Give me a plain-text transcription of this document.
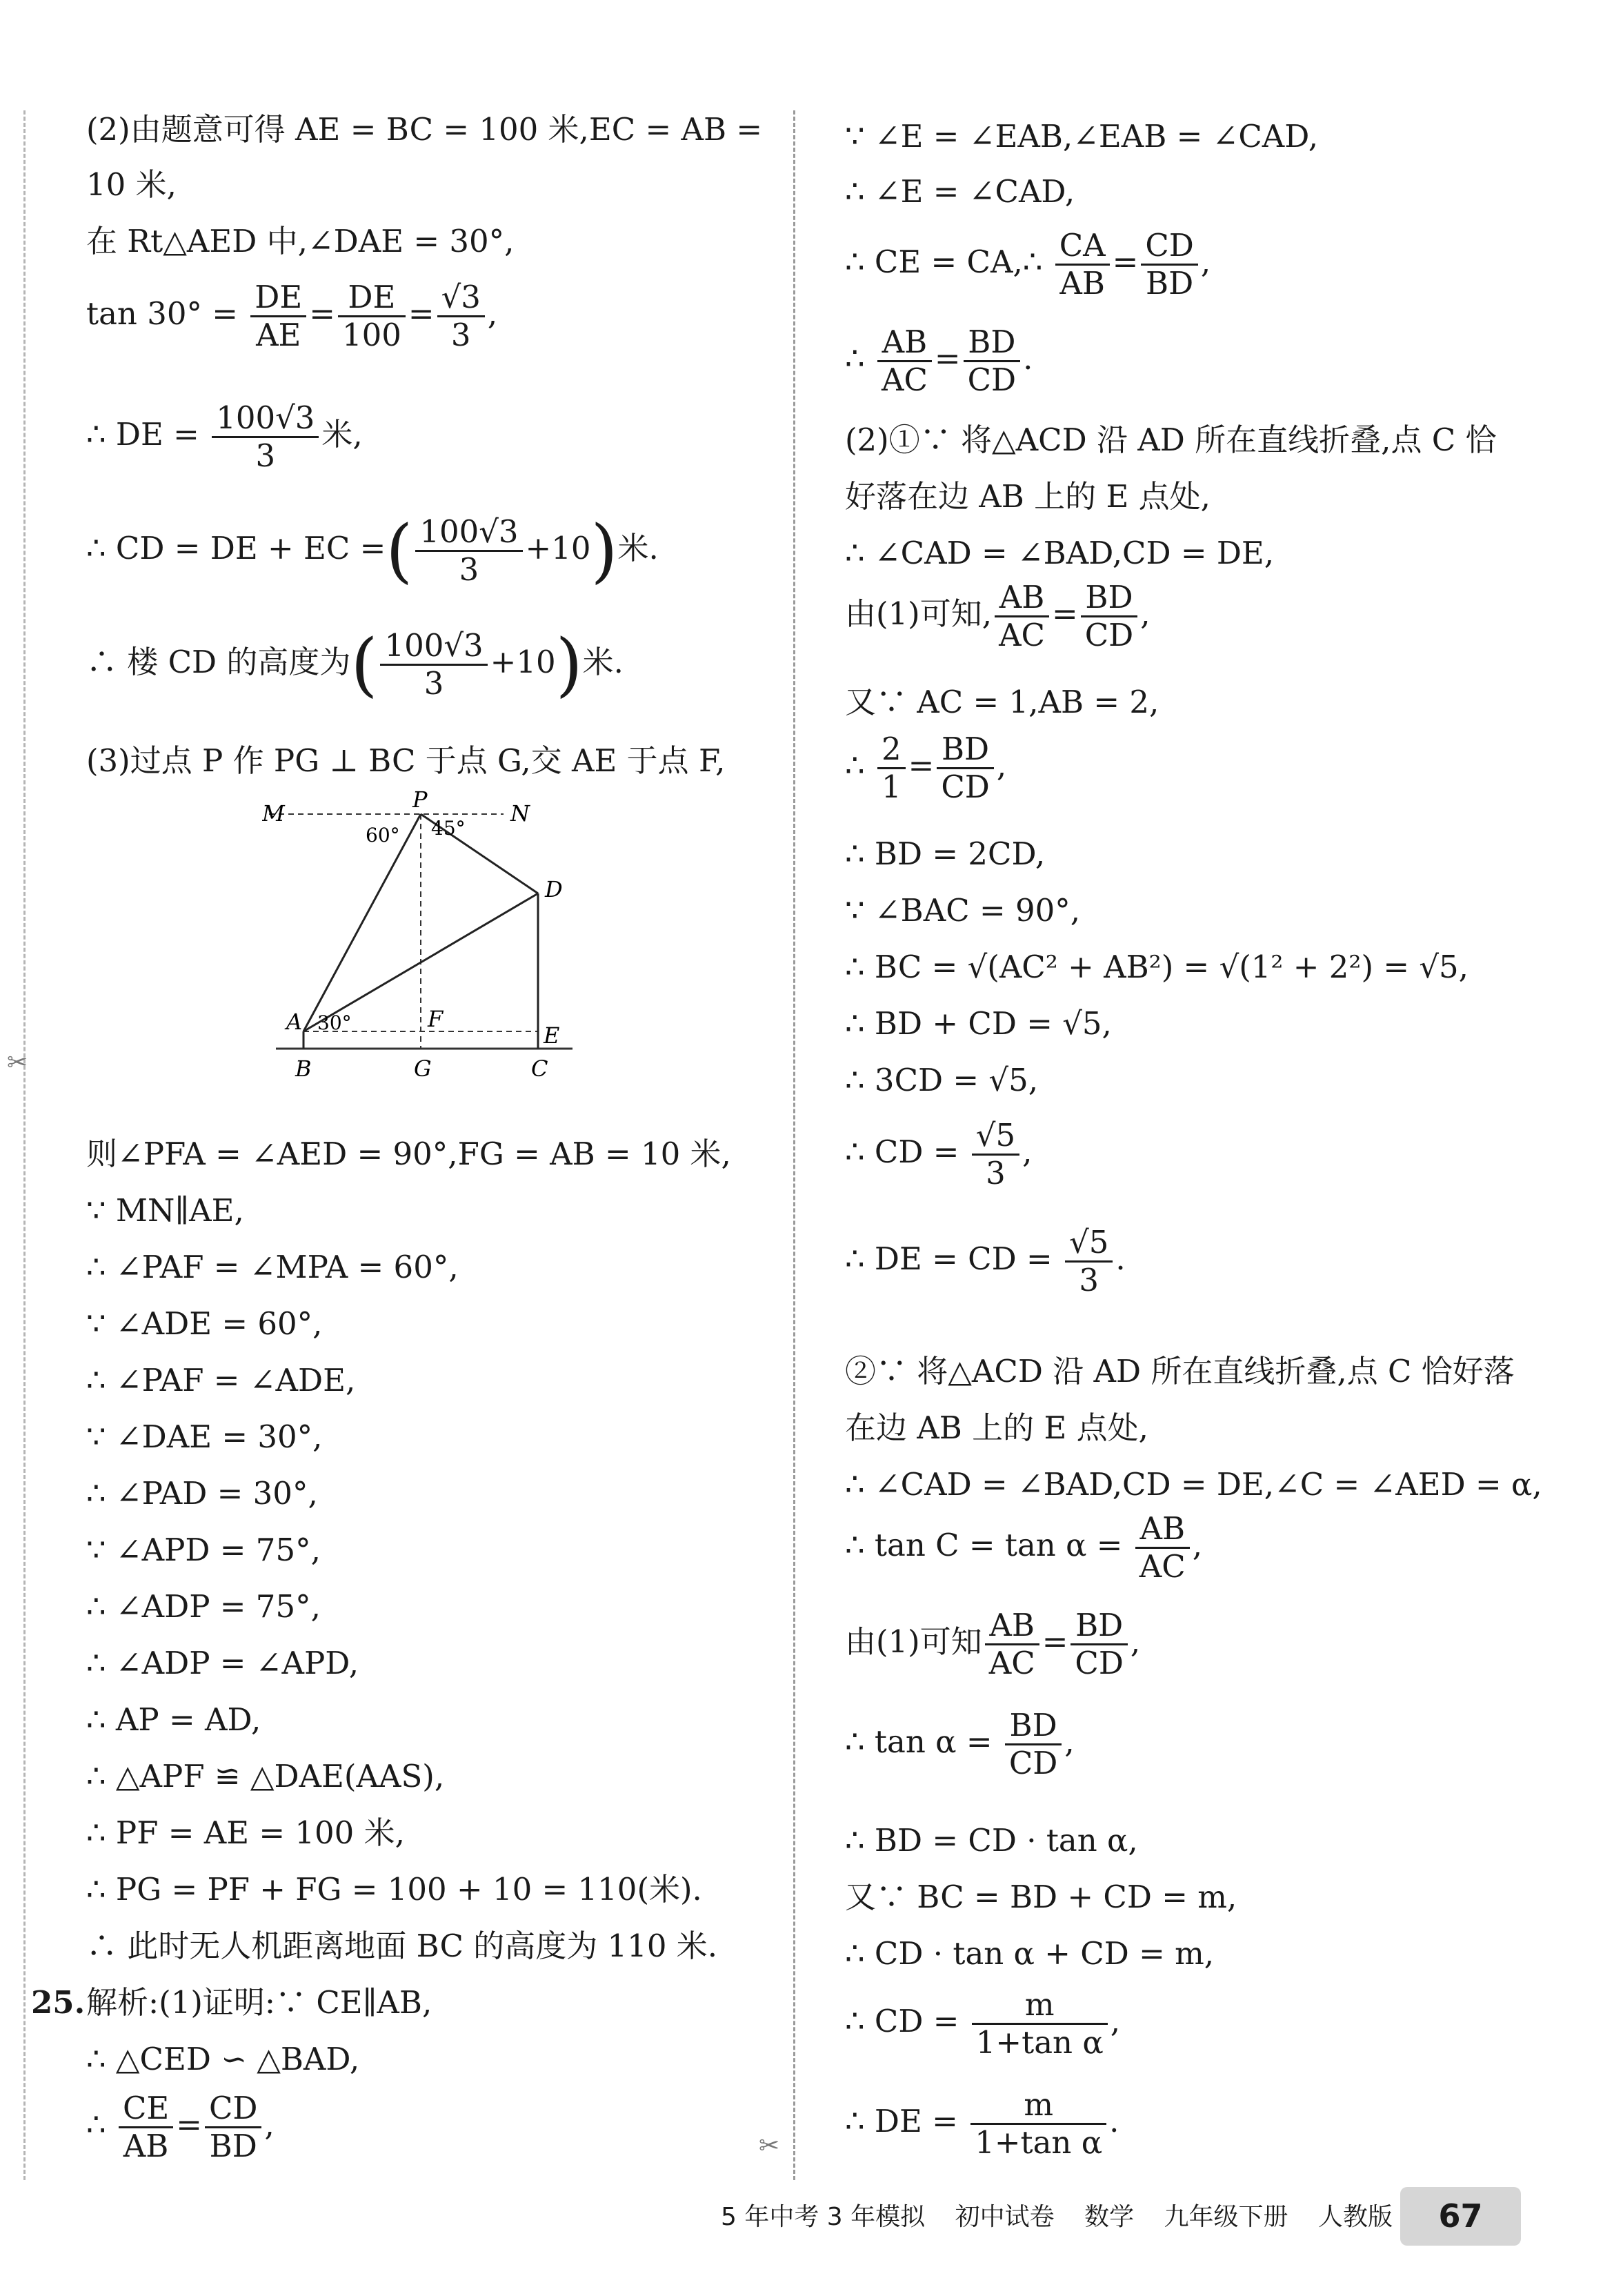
✂
✂
(2)由题意可得 AE = BC = 100 米,EC = AB =
10 米,
在 Rt△AED 中,∠DAE = 30°,
$\tan 30^\circ = \frac{DE}{AE} = \frac{DE}{100} = \frac{√3}{3}$ ,
∴ DE = $\frac{100√3}{3}$ 米,
∴ CD = DE + EC =( $\frac{100√3}{3} +10$)米.
∴ 楼 CD 的高度为( $\frac{100√3}{3} +10$)米.
(3)过点 P 作 PG ⊥ BC 于点 G,交 AE 于点 F,
则∠PFA = ∠AED = 90°,FG = AB = 10 米,
∵ MN∥AE,
∴ ∠PAF = ∠MPA = 60°,
∵ ∠ADE = 60°,
∴ ∠PAF = ∠ADE,
∵ ∠DAE = 30°,
∴ ∠PAD = 30°,
∵ ∠APD = 75°,
∴ ∠ADP = 75°,
∴ ∠ADP = ∠APD,
∴ AP = AD,
∴ △APF ≌ △DAE(AAS),
∴ PF = AE = 100 米,
∴ PG = PF + FG = 100 + 10 = 110(米).
∴ 此时无人机距离地面 BC 的高度为 110 米.
25. 解析:(1)证明:∵ CE∥AB,
∴ △CED ∽ △BAD,
∴ $\frac{CE}{AB} = \frac{CD}{BD}$ ,
M
P
N
D
A	F
E
B	G	C
60° 45°
30°
∵ ∠E = ∠EAB,∠EAB = ∠CAD,
∴ ∠E = ∠CAD,
∴ CE = CA,∴ $\frac{CA}{AB} = \frac{CD}{BD}$ ,
∴ $\frac{AB}{AC} = \frac{BD}{CD}$ .
(2)①∵ 将△ACD 沿 AD 所在直线折叠,点 C 恰
好落在边 AB 上的 E 点处,
∴ ∠CAD = ∠BAD,CD = DE,
由(1)可知, $\frac{AB}{AC} = \frac{BD}{CD}$ ,
又∵ AC = 1,AB = 2,
∴ $\frac{2}{1} = \frac{BD}{CD}$ ,
∴ BD = 2CD,
∵ ∠BAC = 90°,
∴ BC = √(AC² + AB²) = √(1² + 2²) = √5,
∴ BD + CD = √5,
∴ 3CD = √5,
∴ CD = $\frac{√5}{3}$ ,
∴ DE = CD = $\frac{√5}{3}$ .
②∵ 将△ACD 沿 AD 所在直线折叠,点 C 恰好落
在边 AB 上的 E 点处,
∴ ∠CAD = ∠BAD,CD = DE,∠C = ∠AED = α,
∴ $\tan C = \tan \alpha = \frac{AB}{AC}$ ,
由(1)可知 $\frac{AB}{AC} = \frac{BD}{CD}$ ,
∴ $\tan \alpha = \frac{BD}{CD}$ ,
∴ BD = CD · tan α,
又∵ BC = BD + CD = m,
∴ CD · tan α + CD = m,
∴ CD = $\frac{m}{\text{1+tan α}}$ ,
∴ DE = $\frac{m}{\text{1+tan α}}$ .
5 年中考 3 年模拟 初中试卷 数学 九年级下册 人教版	67
